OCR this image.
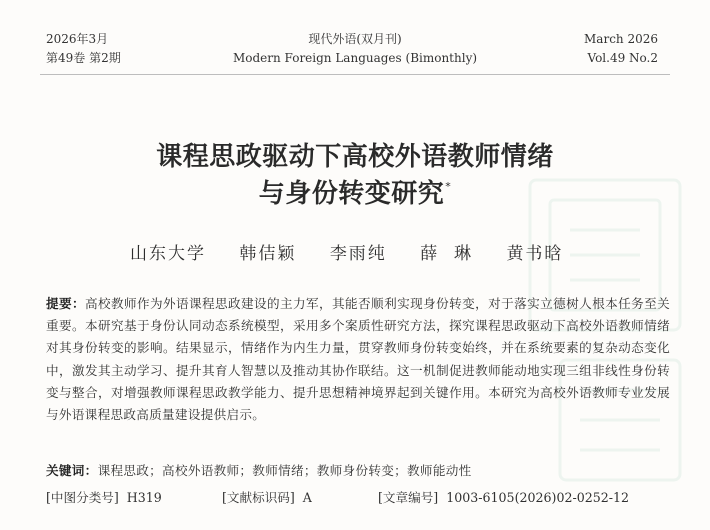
2026年3月
第49卷 第2期
现代外语(双月刊)
Modern Foreign Languages (Bimonthly)
March 2026
Vol.49 No.2
课程思政驱动下高校外语教师情绪
与身份转变研究*
山东大学 韩佶颖 李雨纯 薛  琳 黄书晗
提要：高校教师作为外语课程思政建设的主力军，其能否顺利实现身份转变，对于落实立德树人根本任务至关重要。本研究基于身份认同动态系统模型，采用多个案质性研究方法，探究课程思政驱动下高校外语教师情绪对其身份转变的影响。结果显示，情绪作为内生力量，贯穿教师身份转变始终，并在系统要素的复杂动态变化中，激发其主动学习、提升其育人智慧以及推动其协作联结。这一机制促进教师能动地实现三组非线性身份转变与整合，对增强教师课程思政教学能力、提升思想精神境界起到关键作用。本研究为高校外语教师专业发展与外语课程思政高质量建设提供启示。
关键词：课程思政；高校外语教师；教师情绪；教师身份转变；教师能动性
[中图分类号]  H319	[文献标识码]  A	[文章编号]  1003-6105(2026)02-0252-12
